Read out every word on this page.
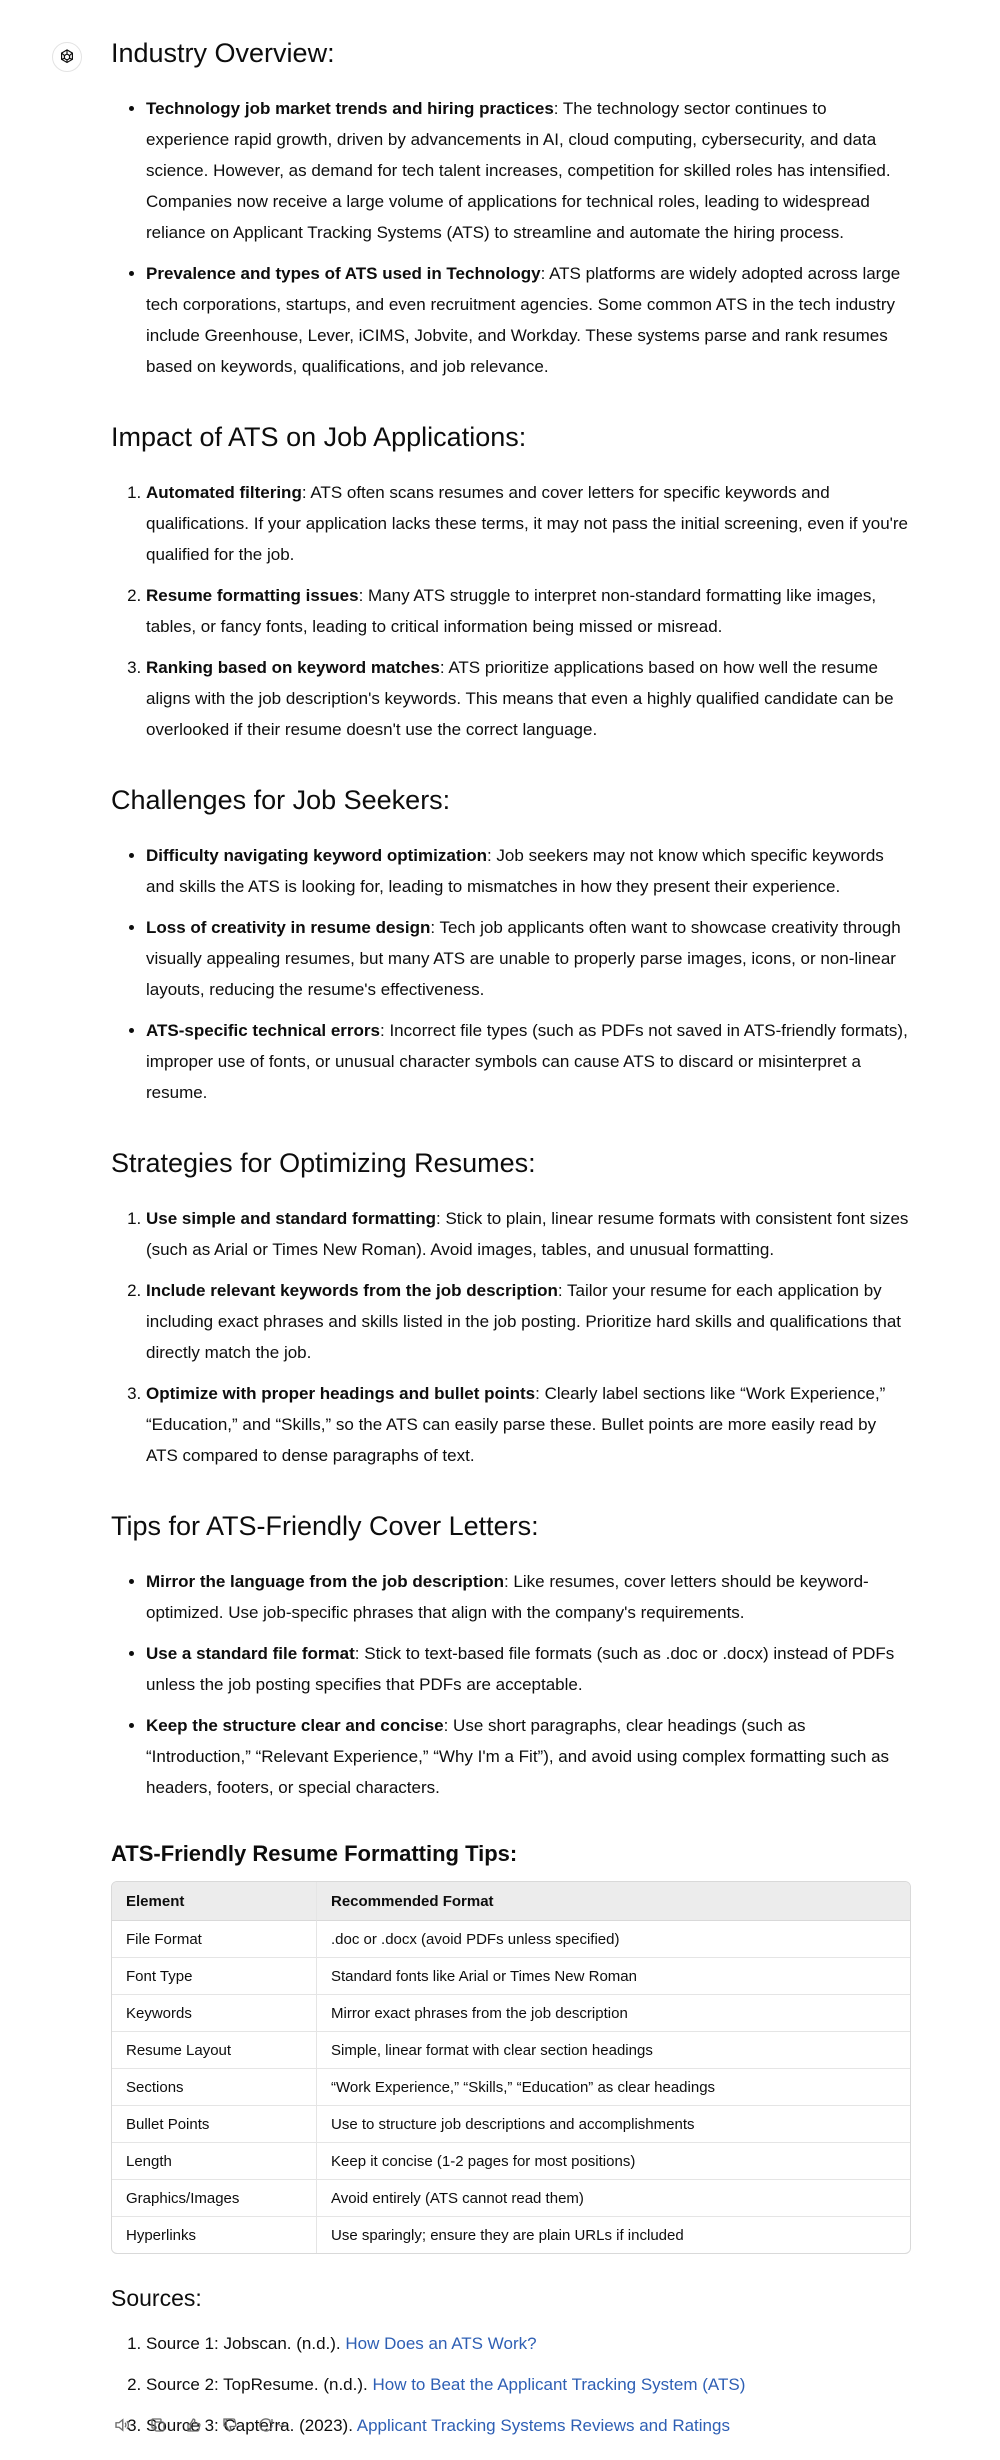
Industry Overview:
• Technology job market trends and hiring practices: The technology sector continues to experience rapid growth, driven by advancements in AI, cloud computing, cybersecurity, and data science. However, as demand for tech talent increases, competition for skilled roles has intensified. Companies now receive a large volume of applications for technical roles, leading to widespread reliance on Applicant Tracking Systems (ATS) to streamline and automate the hiring process.
• Prevalence and types of ATS used in Technology: ATS platforms are widely adopted across large tech corporations, startups, and even recruitment agencies. Some common ATS in the tech industry include Greenhouse, Lever, iCIMS, Jobvite, and Workday. These systems parse and rank resumes based on keywords, qualifications, and job relevance.
Impact of ATS on Job Applications:
1. Automated filtering: ATS often scans resumes and cover letters for specific keywords and qualifications. If your application lacks these terms, it may not pass the initial screening, even if you're qualified for the job.
2. Resume formatting issues: Many ATS struggle to interpret non-standard formatting like images, tables, or fancy fonts, leading to critical information being missed or misread.
3. Ranking based on keyword matches: ATS prioritize applications based on how well the resume aligns with the job description's keywords. This means that even a highly qualified candidate can be overlooked if their resume doesn't use the correct language.
Challenges for Job Seekers:
• Difficulty navigating keyword optimization: Job seekers may not know which specific keywords and skills the ATS is looking for, leading to mismatches in how they present their experience.
• Loss of creativity in resume design: Tech job applicants often want to showcase creativity through visually appealing resumes, but many ATS are unable to properly parse images, icons, or non-linear layouts, reducing the resume's effectiveness.
• ATS-specific technical errors: Incorrect file types (such as PDFs not saved in ATS-friendly formats), improper use of fonts, or unusual character symbols can cause ATS to discard or misinterpret a resume.
Strategies for Optimizing Resumes:
1. Use simple and standard formatting: Stick to plain, linear resume formats with consistent font sizes (such as Arial or Times New Roman). Avoid images, tables, and unusual formatting.
2. Include relevant keywords from the job description: Tailor your resume for each application by including exact phrases and skills listed in the job posting. Prioritize hard skills and qualifications that directly match the job.
3. Optimize with proper headings and bullet points: Clearly label sections like “Work Experience,” “Education,” and “Skills,” so the ATS can easily parse these. Bullet points are more easily read by ATS compared to dense paragraphs of text.
Tips for ATS-Friendly Cover Letters:
• Mirror the language from the job description: Like resumes, cover letters should be keyword-optimized. Use job-specific phrases that align with the company's requirements.
• Use a standard file format: Stick to text-based file formats (such as .doc or .docx) instead of PDFs unless the job posting specifies that PDFs are acceptable.
• Keep the structure clear and concise: Use short paragraphs, clear headings (such as “Introduction,” “Relevant Experience,” “Why I'm a Fit”), and avoid using complex formatting such as headers, footers, or special characters.
ATS-Friendly Resume Formatting Tips:
Element	Recommended Format
File Format	.doc or .docx (avoid PDFs unless specified)
Font Type	Standard fonts like Arial or Times New Roman
Keywords	Mirror exact phrases from the job description
Resume Layout	Simple, linear format with clear section headings
Sections	“Work Experience,” “Skills,” “Education” as clear headings
Bullet Points	Use to structure job descriptions and accomplishments
Length	Keep it concise (1-2 pages for most positions)
Graphics/Images	Avoid entirely (ATS cannot read them)
Hyperlinks	Use sparingly; ensure they are plain URLs if included
Sources:
1. Source 1: Jobscan. (n.d.). How Does an ATS Work?
2. Source 2: TopResume. (n.d.). How to Beat the Applicant Tracking System (ATS)
3. Source 3: Capterra. (2023). Applicant Tracking Systems Reviews and Ratings
